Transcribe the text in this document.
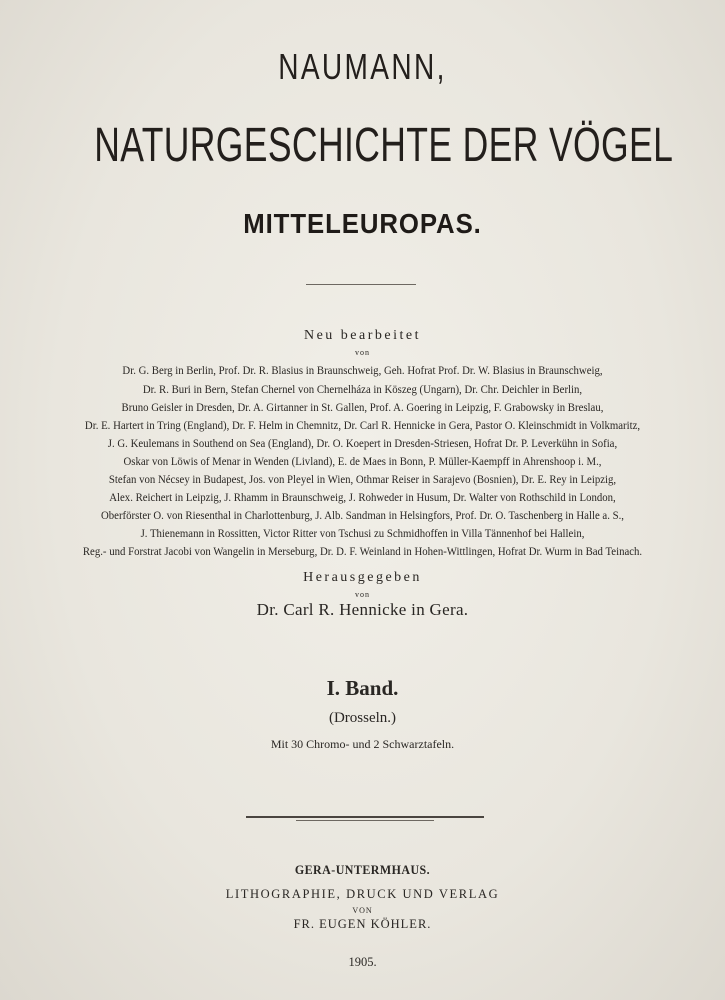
NAUMANN,
NATURGESCHICHTE DER VÖGEL
MITTELEUROPAS.
Neu bearbeitet
von
Dr. G. Berg in Berlin, Prof. Dr. R. Blasius in Braunschweig, Geh. Hofrat Prof. Dr. W. Blasius in Braunschweig,
Dr. R. Buri in Bern, Stefan Chernel von Chernelháza in Köszeg (Ungarn), Dr. Chr. Deichler in Berlin,
Bruno Geisler in Dresden, Dr. A. Girtanner in St. Gallen, Prof. A. Goering in Leipzig, F. Grabowsky in Breslau,
Dr. E. Hartert in Tring (England), Dr. F. Helm in Chemnitz, Dr. Carl R. Hennicke in Gera, Pastor O. Kleinschmidt in Volkmaritz,
J. G. Keulemans in Southend on Sea (England), Dr. O. Koepert in Dresden-Striesen, Hofrat Dr. P. Leverkühn in Sofia,
Oskar von Löwis of Menar in Wenden (Livland), E. de Maes in Bonn, P. Müller-Kaempff in Ahrenshoop i. M.,
Stefan von Nécsey in Budapest, Jos. von Pleyel in Wien, Othmar Reiser in Sarajevo (Bosnien), Dr. E. Rey in Leipzig,
Alex. Reichert in Leipzig, J. Rhamm in Braunschweig, J. Rohweder in Husum, Dr. Walter von Rothschild in London,
Oberförster O. von Riesenthal in Charlottenburg, J. Alb. Sandman in Helsingfors, Prof. Dr. O. Taschenberg in Halle a. S.,
J. Thienemann in Rossitten, Victor Ritter von Tschusi zu Schmidhoffen in Villa Tännenhof bei Hallein,
Reg.- und Forstrat Jacobi von Wangelin in Merseburg, Dr. D. F. Weinland in Hohen-Wittlingen, Hofrat Dr. Wurm in Bad Teinach.
Herausgegeben
von
Dr. Carl R. Hennicke in Gera.
I. Band.
(Drosseln.)
Mit 30 Chromo- und 2 Schwarztafeln.
GERA-UNTERMHAUS.
LITHOGRAPHIE, DRUCK UND VERLAG
VON
FR. EUGEN KÖHLER.
1905.
